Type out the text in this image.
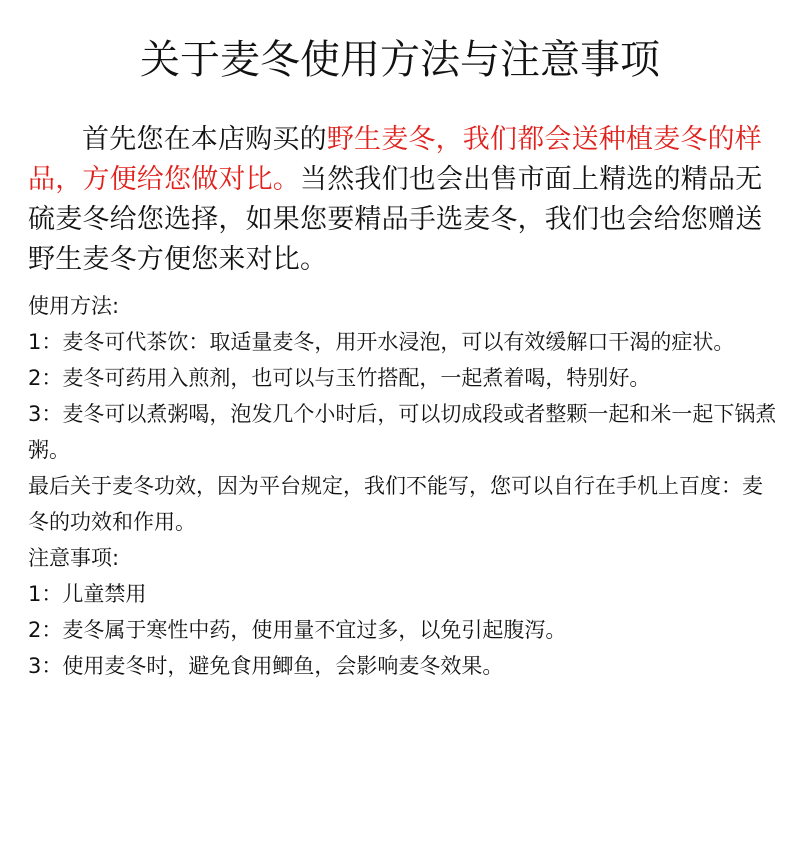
关于麦冬使用方法与注意事项
首先您在本店购买的野生麦冬，我们都会送种植麦冬的样品，方便给您做对比。当然我们也会出售市面上精选的精品无硫麦冬给您选择，如果您要精品手选麦冬，我们也会给您赠送野生麦冬方便您来对比。

使用方法:

1：麦冬可代茶饮：取适量麦冬，用开水浸泡，可以有效缓解口干渴的症状。

2：麦冬可药用入煎剂，也可以与玉竹搭配，一起煮着喝，特别好。

3：麦冬可以煮粥喝，泡发几个小时后，可以切成段或者整颗一起和米一起下锅煮粥。

最后关于麦冬功效，因为平台规定，我们不能写，您可以自行在手机上百度：麦冬的功效和作用。

注意事项:

1：儿童禁用

2：麦冬属于寒性中药，使用量不宜过多，以免引起腹泻。

3：使用麦冬时，避免食用鲫鱼，会影响麦冬效果。
